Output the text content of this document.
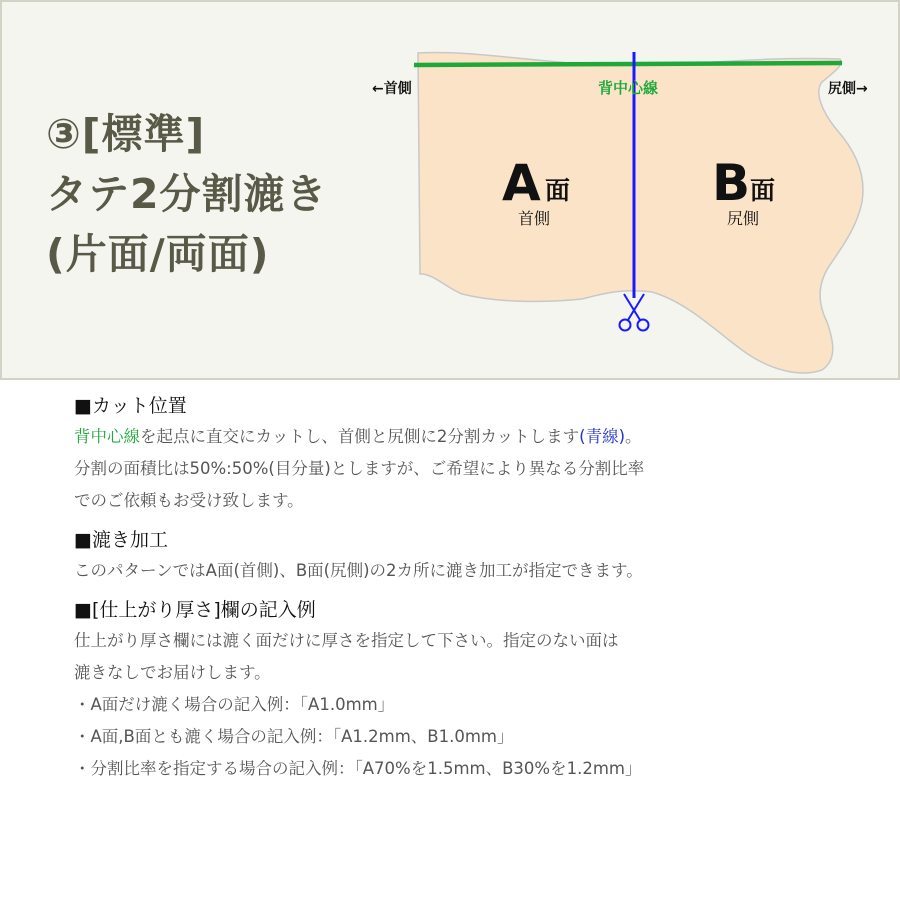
③[標準]
タテ2分割漉き
(片面/両面)
←首側	尻側→
背中心線
A 面
首側
B 面
尻側
■カット位置
背中心線を起点に直交にカットし、首側と尻側に2分割カットします(青線)。
分割の面積比は50%:50%(目分量)としますが、ご希望により異なる分割比率
でのご依頼もお受け致します。
■漉き加工
このパターンではA面(首側)、B面(尻側)の2カ所に漉き加工が指定できます。
■[仕上がり厚さ]欄の記入例
仕上がり厚さ欄には漉く面だけに厚さを指定して下さい。指定のない面は
漉きなしでお届けします。
・A面だけ漉く場合の記入例：「A1.0mm」
・A面,B面とも漉く場合の記入例：「A1.2mm、B1.0mm」
・分割比率を指定する場合の記入例：「A70%を1.5mm、B30%を1.2mm」
